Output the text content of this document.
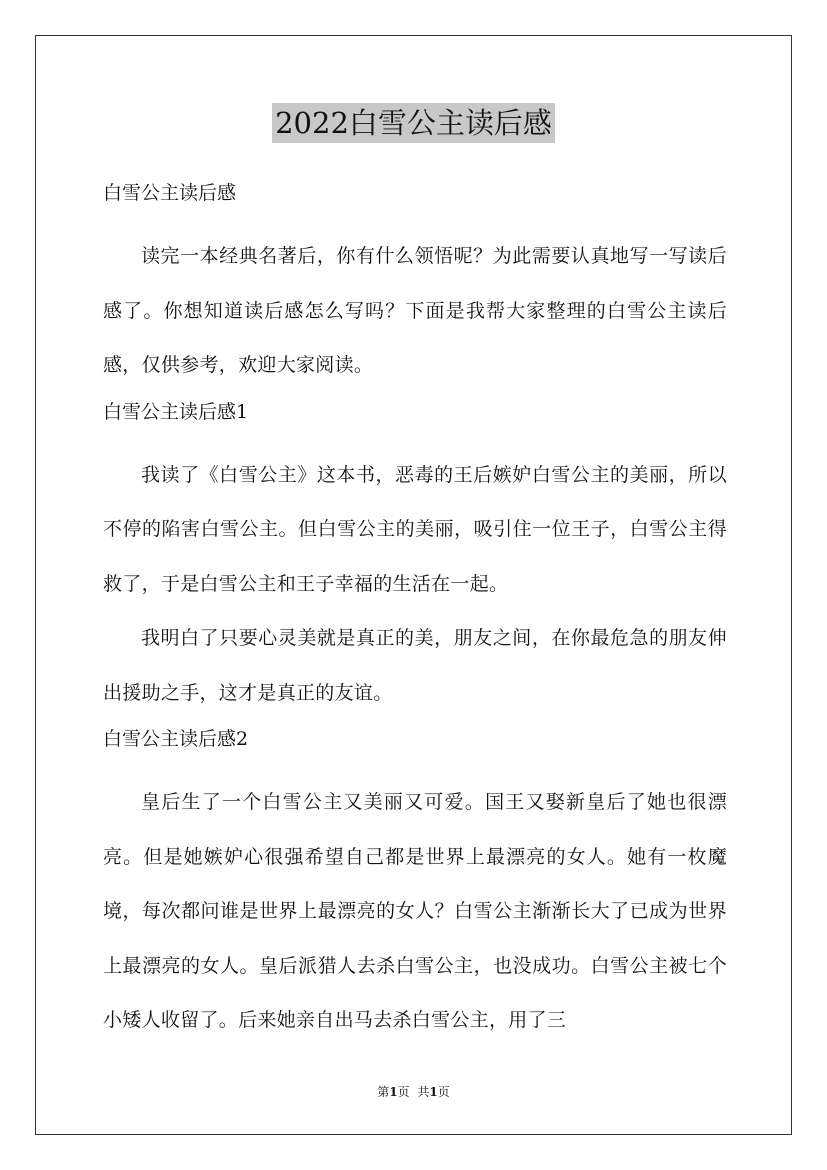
2022白雪公主读后感
白雪公主读后感

读完一本经典名著后，你有什么领悟呢？为此需要认真地写一写读后感了。你想知道读后感怎么写吗？下面是我帮大家整理的白雪公主读后感，仅供参考，欢迎大家阅读。

白雪公主读后感1

我读了《白雪公主》这本书，恶毒的王后嫉妒白雪公主的美丽，所以不停的陷害白雪公主。但白雪公主的美丽，吸引住一位王子，白雪公主得救了，于是白雪公主和王子幸福的生活在一起。

我明白了只要心灵美就是真正的美，朋友之间，在你最危急的朋友伸出援助之手，这才是真正的友谊。

白雪公主读后感2

皇后生了一个白雪公主又美丽又可爱。国王又娶新皇后了她也很漂亮。但是她嫉妒心很强希望自己都是世界上最漂亮的女人。她有一枚魔境，每次都问谁是世界上最漂亮的女人？白雪公主渐渐长大了已成为世界上最漂亮的女人。皇后派猎人去杀白雪公主，也没成功。白雪公主被七个小矮人收留了。后来她亲自出马去杀白雪公主，用了三

第1页 共1页
